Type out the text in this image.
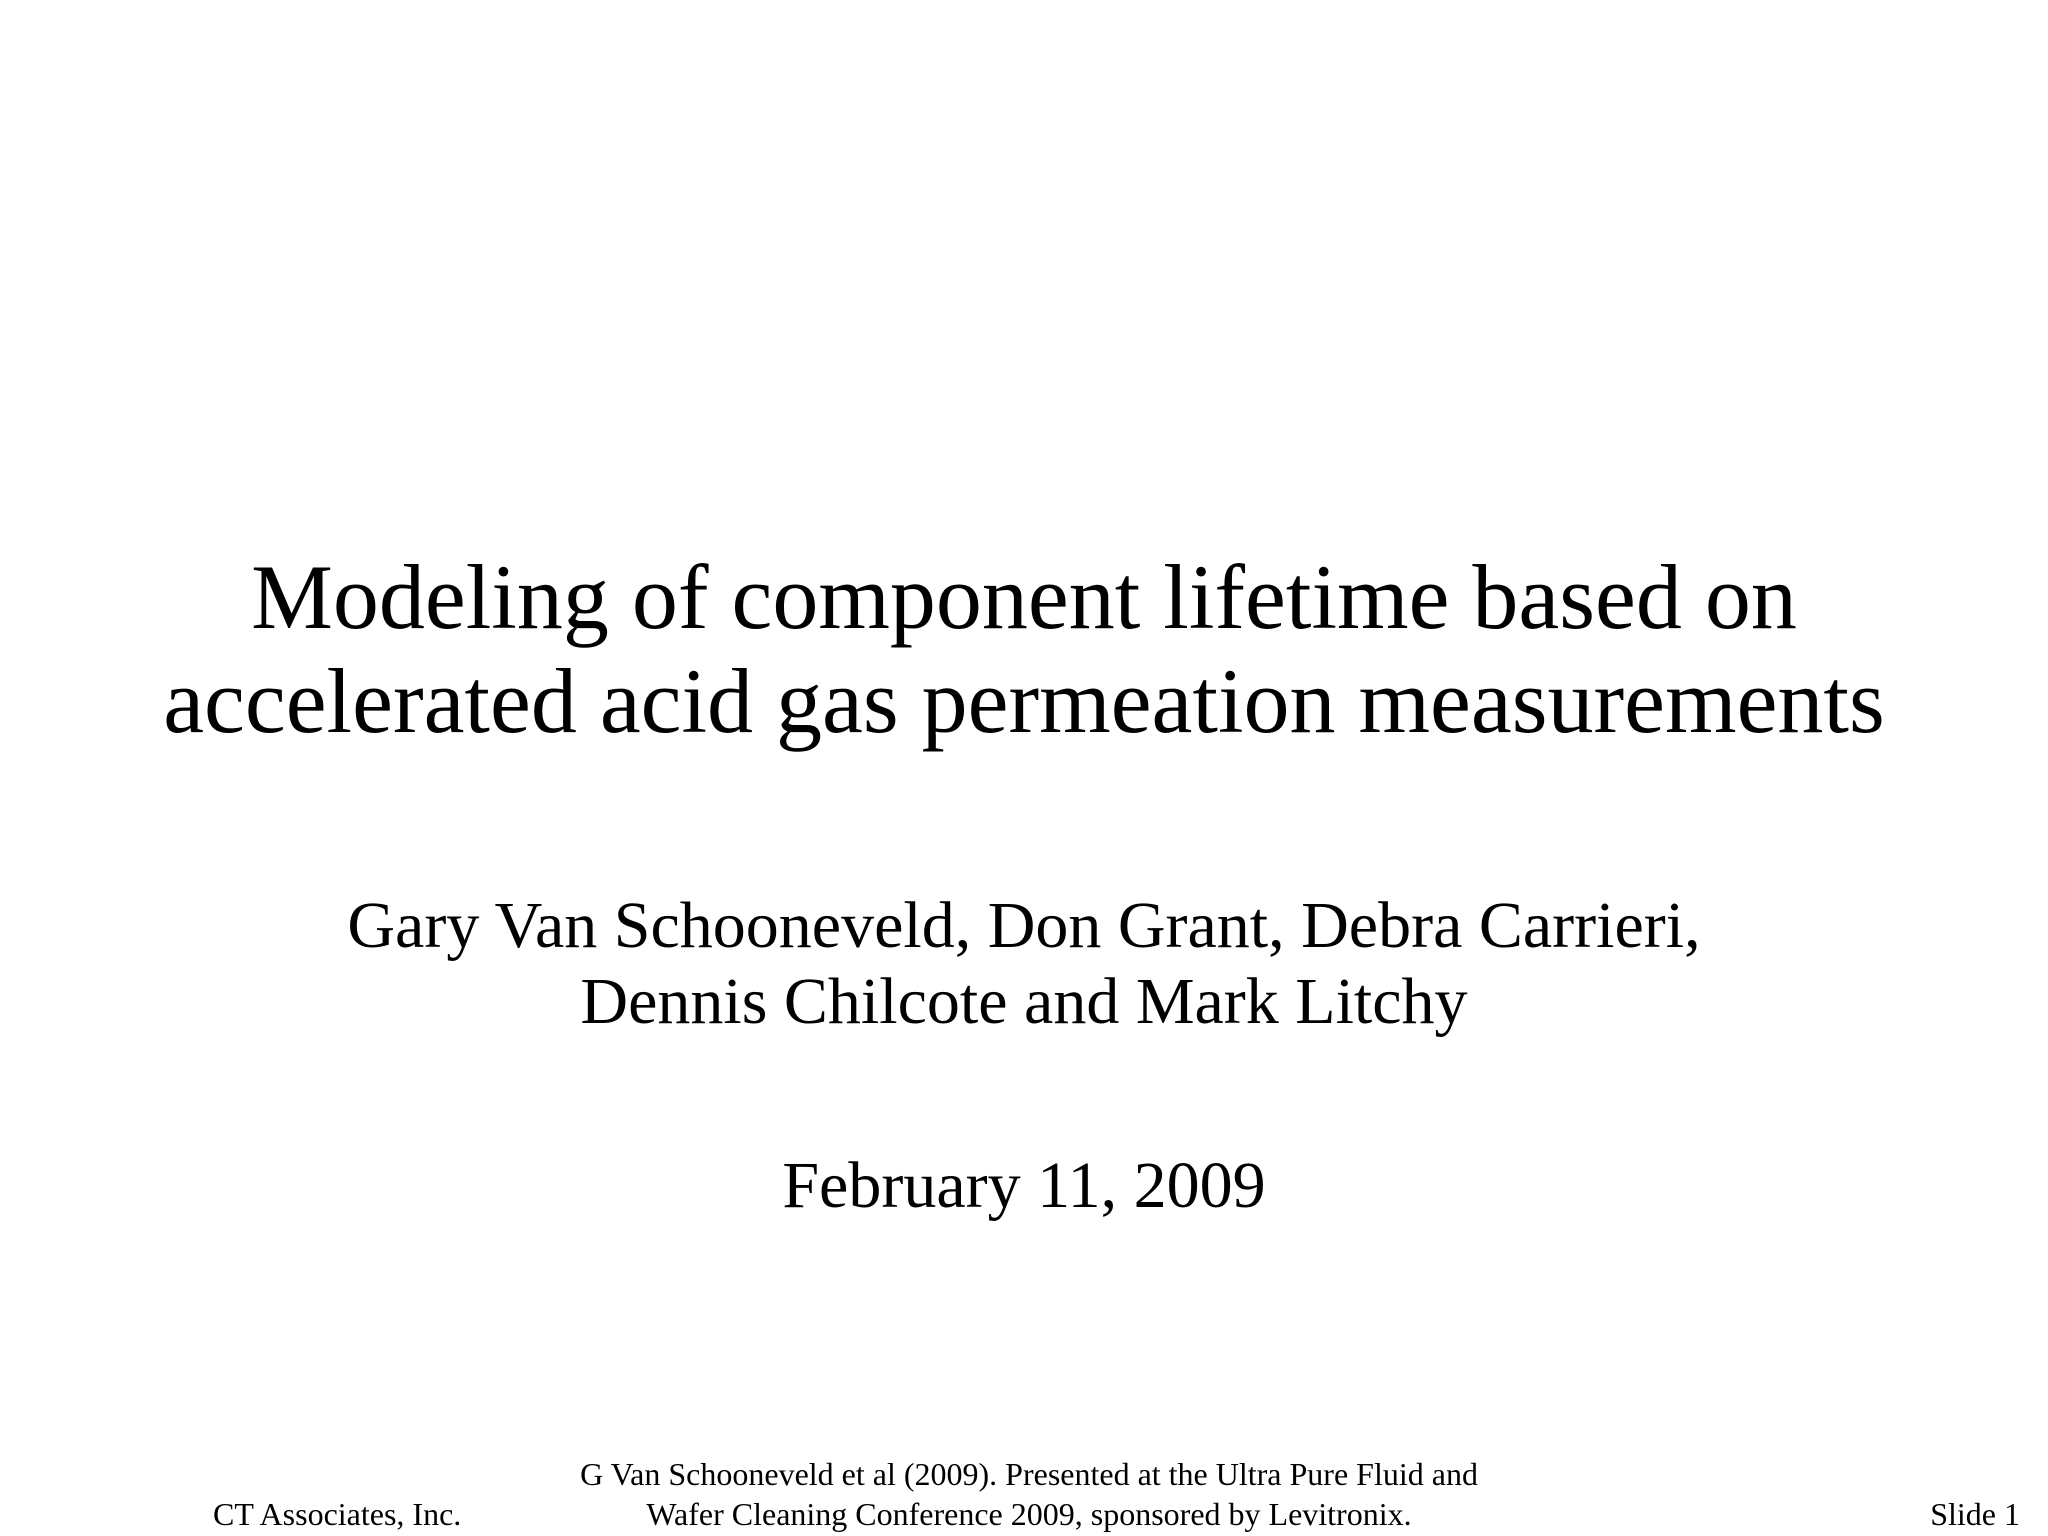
Modeling of component lifetime based on
accelerated acid gas permeation measurements
Gary Van Schooneveld, Don Grant, Debra Carrieri,
Dennis Chilcote and Mark Litchy
February 11, 2009
CT Associates, Inc.
G Van Schooneveld et al (2009). Presented at the Ultra Pure Fluid and
Wafer Cleaning Conference 2009, sponsored by Levitronix.	Slide 1
